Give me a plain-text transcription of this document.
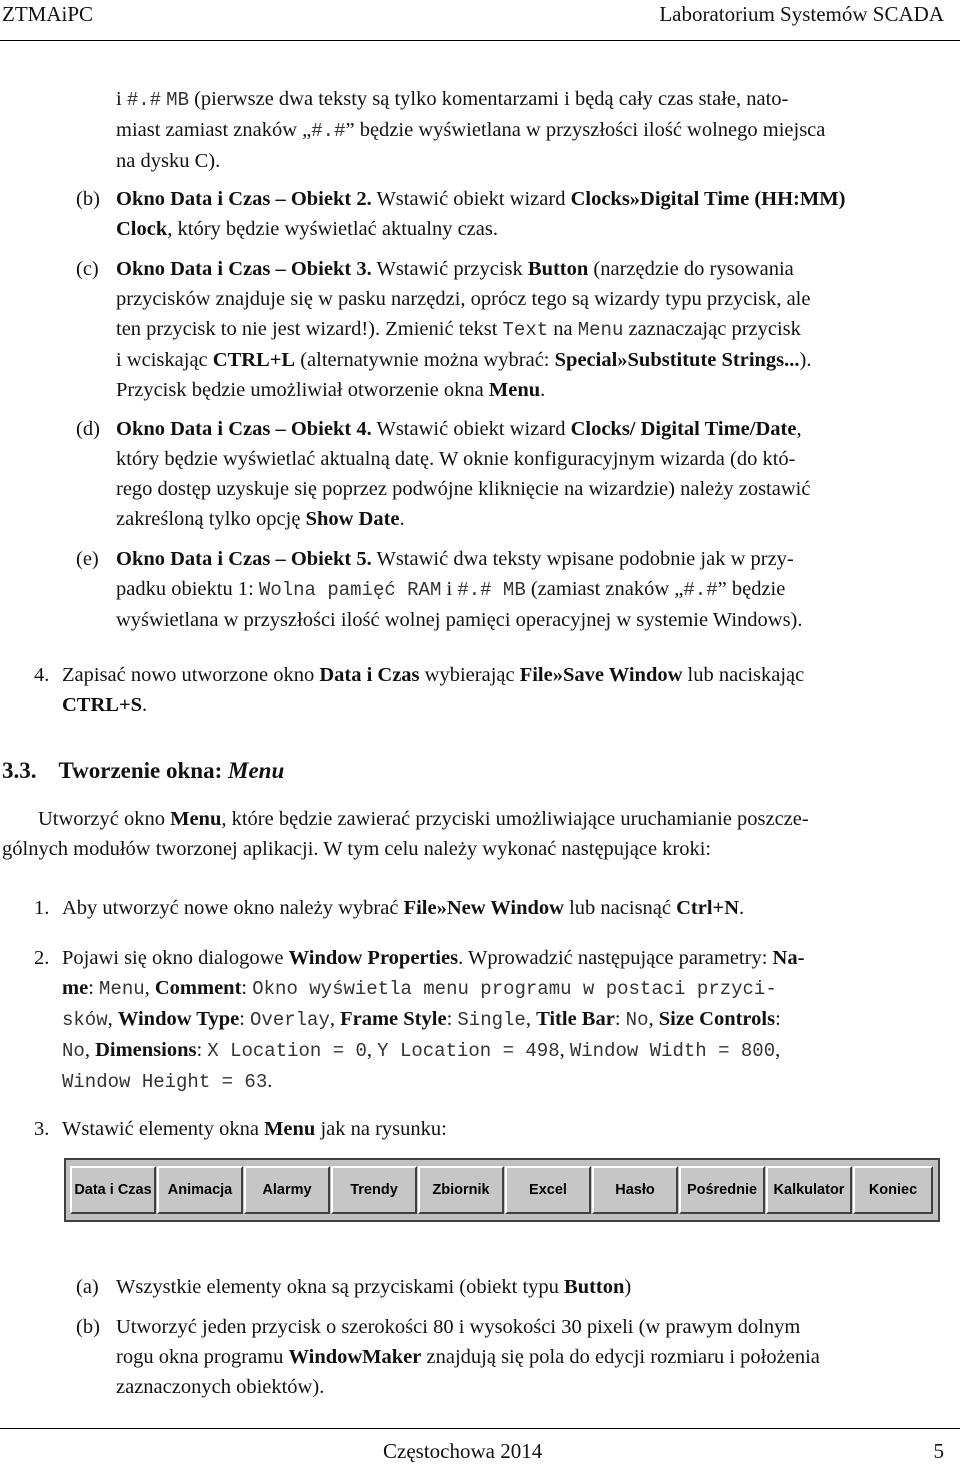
ZTMAiPC	Laboratorium Systemów SCADA
i #.# MB (pierwsze dwa teksty są tylko komentarzami i będą cały czas stałe, nato-
miast zamiast znaków „#.#” będzie wyświetlana w przyszłości ilość wolnego miejsca
na dysku C).
(b) Okno Data i Czas – Obiekt 2. Wstawić obiekt wizard Clocks»Digital Time (HH:MM)
Clock, który będzie wyświetlać aktualny czas.
(c) Okno Data i Czas – Obiekt 3. Wstawić przycisk Button (narzędzie do rysowania
przycisków znajduje się w pasku narzędzi, oprócz tego są wizardy typu przycisk, ale
ten przycisk to nie jest wizard!). Zmienić tekst Text na Menu zaznaczając przycisk
i wciskając CTRL+L (alternatywnie można wybrać: Special»Substitute Strings...).
Przycisk będzie umożliwiał otworzenie okna Menu.
(d) Okno Data i Czas – Obiekt 4. Wstawić obiekt wizard Clocks/ Digital Time/Date,
który będzie wyświetlać aktualną datę. W oknie konfiguracyjnym wizarda (do któ-
rego dostęp uzyskuje się poprzez podwójne kliknięcie na wizardzie) należy zostawić
zakreśloną tylko opcję Show Date.
(e) Okno Data i Czas – Obiekt 5. Wstawić dwa teksty wpisane podobnie jak w przy-
padku obiektu 1: Wolna pamięć RAM i #.# MB (zamiast znaków „#.#” będzie
wyświetlana w przyszłości ilość wolnej pamięci operacyjnej w systemie Windows).
4. Zapisać nowo utworzone okno Data i Czas wybierając File»Save Window lub naciskając
CTRL+S.
3.3. Tworzenie okna: Menu
Utworzyć okno Menu, które będzie zawierać przyciski umożliwiające uruchamianie poszcze-
gólnych modułów tworzonej aplikacji. W tym celu należy wykonać następujące kroki:
1. Aby utworzyć nowe okno należy wybrać File»New Window lub nacisnąć Ctrl+N.
2. Pojawi się okno dialogowe Window Properties. Wprowadzić następujące parametry: Na-
me: Menu, Comment: Okno wyświetla menu programu w postaci przyci-
sków, Window Type: Overlay, Frame Style: Single, Title Bar: No, Size Controls:
No, Dimensions: X Location = 0, Y Location = 498, Window Width = 800,
Window Height = 63.
3. Wstawić elementy okna Menu jak na rysunku:
Data i Czas	Animacja	Alarmy	Trendy	Zbiornik	Excel	Hasło	Pośrednie	Kalkulator	Koniec
(a) Wszystkie elementy okna są przyciskami (obiekt typu Button)
(b) Utworzyć jeden przycisk o szerokości 80 i wysokości 30 pixeli (w prawym dolnym
rogu okna programu WindowMaker znajdują się pola do edycji rozmiaru i położenia
zaznaczonych obiektów).
Częstochowa 2014	5
